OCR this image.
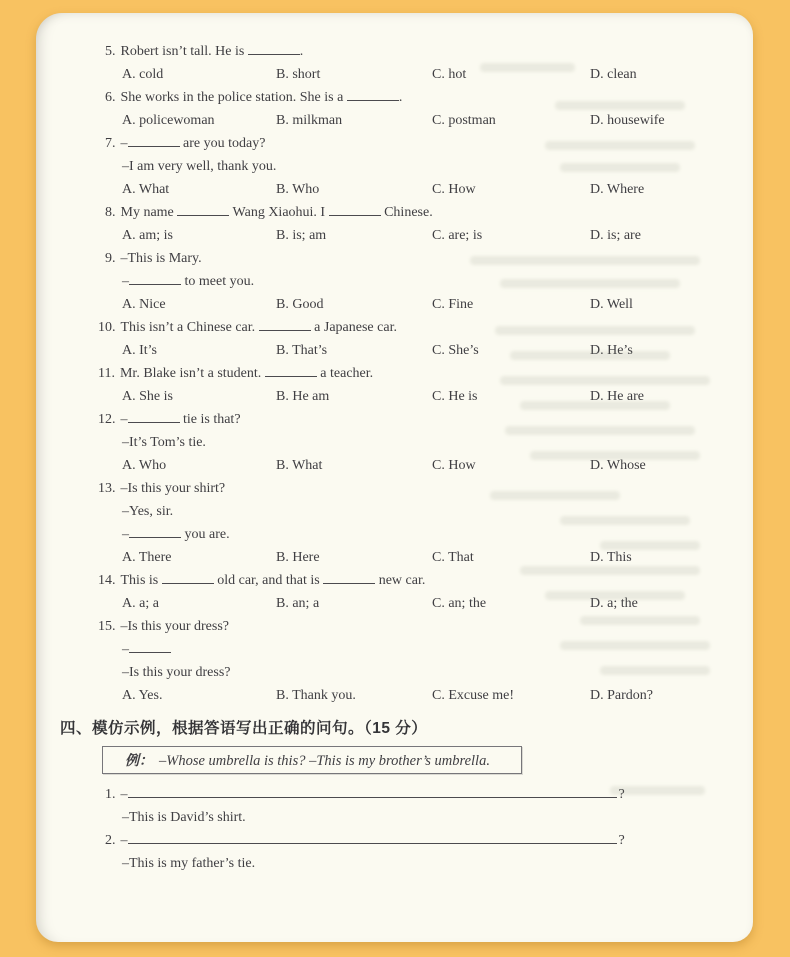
5. Robert isn’t tall. He is	.
A. cold	B. short	C. hot	D. clean
6. She works in the police station. She is a	.
A. policewoman	B. milkman	C. postman	D. housewife
7. –	are you today?
–I am very well, thank you.
A. What	B. Who	C. How	D. Where
8. My name	Wang Xiaohui. I	Chinese.
A. am; is	B. is; am	C. are; is	D. is; are
9. –This is Mary.
–	to meet you.
A. Nice	B. Good	C. Fine	D. Well
10. This isn’t a Chinese car.	a Japanese car.
A. It’s	B. That’s	C. She’s	D. He’s
11. Mr. Blake isn’t a student.	a teacher.
A. She is	B. He am	C. He is	D. He are
12. –	tie is that?
–It’s Tom’s tie.
A. Who	B. What	C. How	D. Whose
13. –Is this your shirt?
–Yes, sir.
–	you are.
A. There	B. Here	C. That	D. This
14. This is	old car, and that is	new car.
A. a; a	B. an; a	C. an; the	D. a; the
15. –Is this your dress?
–
–Is this your dress?
A. Yes.	B. Thank you.	C. Excuse me!	D. Pardon?
四、模仿示例，根据答语写出正确的问句。（15 分）
例： –Whose umbrella is this? –This is my brother’s umbrella.
1. –	?
–This is David’s shirt.
2. –	?
–This is my father’s tie.
